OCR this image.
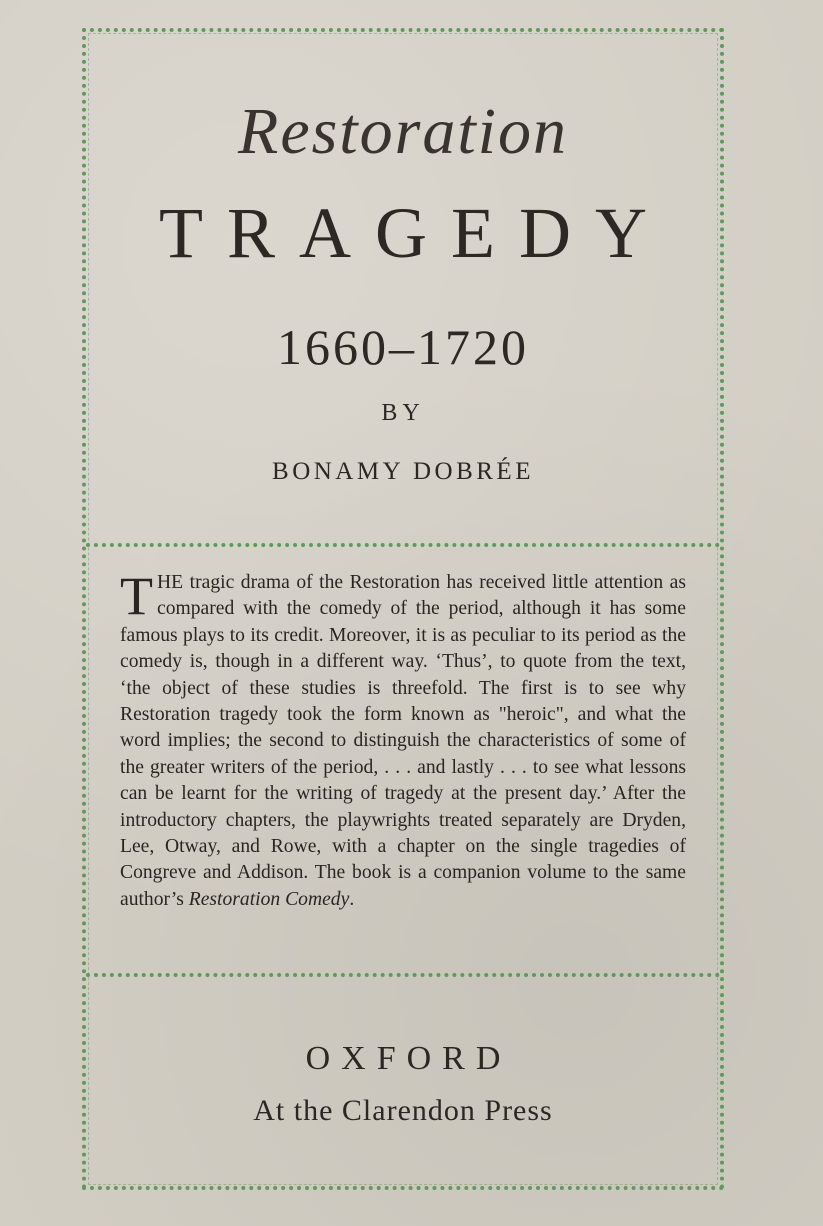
Restoration
TRAGEDY
1660–1720
BY
BONAMY DOBRÉE
THE tragic drama of the Restoration has received little attention as compared with the comedy of the period, although it has some famous plays to its credit. Moreover, it is as peculiar to its period as the comedy is, though in a different way. ‘Thus’, to quote from the text, ‘the object of these studies is threefold. The first is to see why Restoration tragedy took the form known as "heroic", and what the word implies; the second to distinguish the characteristics of some of the greater writers of the period, . . . and lastly . . . to see what lessons can be learnt for the writing of tragedy at the present day.’ After the introductory chapters, the playwrights treated separately are Dryden, Lee, Otway, and Rowe, with a chapter on the single tragedies of Congreve and Addison. The book is a companion volume to the same author’s Restoration Comedy.
OXFORD
At the Clarendon Press
